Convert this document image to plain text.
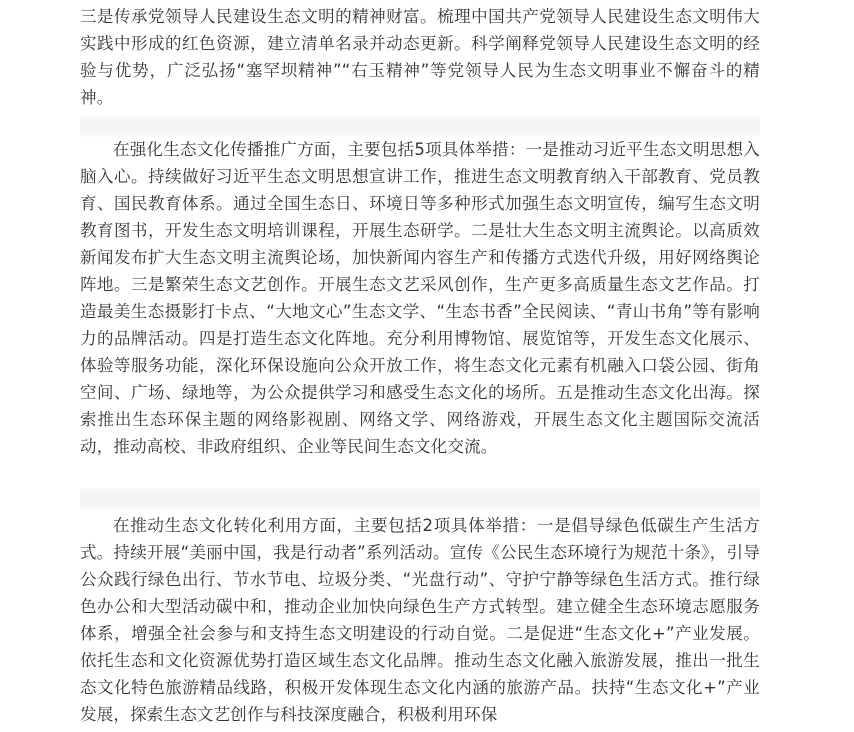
三是传承党领导人民建设生态文明的精神财富。梳理中国共产党领导人民建设生态文明伟大实践中形成的红色资源，建立清单名录并动态更新。科学阐释党领导人民建设生态文明的经验与优势，广泛弘扬“塞罕坝精神”“右玉精神”等党领导人民为生态文明事业不懈奋斗的精神。

在强化生态文化传播推广方面，主要包括5项具体举措：一是推动习近平生态文明思想入脑入心。持续做好习近平生态文明思想宣讲工作，推进生态文明教育纳入干部教育、党员教育、国民教育体系。通过全国生态日、环境日等多种形式加强生态文明宣传，编写生态文明教育图书，开发生态文明培训课程，开展生态研学。二是壮大生态文明主流舆论。以高质效新闻发布扩大生态文明主流舆论场，加快新闻内容生产和传播方式迭代升级，用好网络舆论阵地。三是繁荣生态文艺创作。开展生态文艺采风创作，生产更多高质量生态文艺作品。打造最美生态摄影打卡点、“大地文心”生态文学、“生态书香”全民阅读、“青山书角”等有影响力的品牌活动。四是打造生态文化阵地。充分利用博物馆、展览馆等，开发生态文化展示、体验等服务功能，深化环保设施向公众开放工作，将生态文化元素有机融入口袋公园、街角空间、广场、绿地等，为公众提供学习和感受生态文化的场所。五是推动生态文化出海。探索推出生态环保主题的网络影视剧、网络文学、网络游戏，开展生态文化主题国际交流活动，推动高校、非政府组织、企业等民间生态文化交流。

在推动生态文化转化利用方面，主要包括2项具体举措：一是倡导绿色低碳生产生活方式。持续开展“美丽中国，我是行动者”系列活动。宣传《公民生态环境行为规范十条》，引导公众践行绿色出行、节水节电、垃圾分类、“光盘行动”、守护宁静等绿色生活方式。推行绿色办公和大型活动碳中和，推动企业加快向绿色生产方式转型。建立健全生态环境志愿服务体系，增强全社会参与和支持生态文明建设的行动自觉。二是促进“生态文化+”产业发展。依托生态和文化资源优势打造区域生态文化品牌。推动生态文化融入旅游发展，推出一批生态文化特色旅游精品线路，积极开发体现生态文化内涵的旅游产品。扶持“生态文化+”产业发展，探索生态文艺创作与科技深度融合，积极利用环保
